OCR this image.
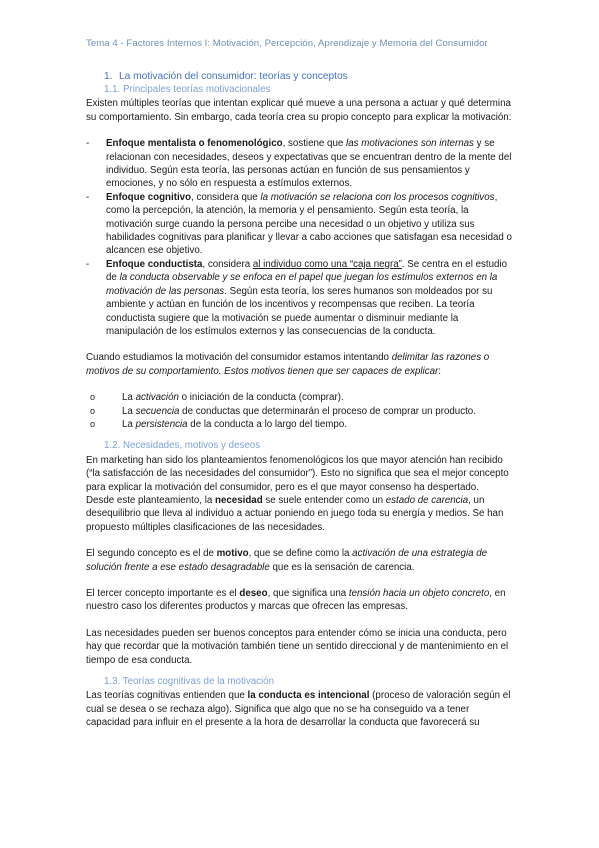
Tema 4 - Factores Internos I: Motivación, Percepción, Aprendizaje y Memoria del Consumidor
1. La motivación del consumidor: teorías y conceptos
1.1. Principales teorías motivacionales

Existen múltiples teorías que intentan explicar qué mueve a una persona a actuar y qué determina su comportamiento. Sin embargo, cada teoría crea su propio concepto para explicar la motivación:

- Enfoque mentalista o fenomenológico, sostiene que las motivaciones son internas y se relacionan con necesidades, deseos y expectativas que se encuentran dentro de la mente del individuo. Según esta teoría, las personas actúan en función de sus pensamientos y emociones, y no sólo en respuesta a estímulos externos.
- Enfoque cognitivo, considera que la motivación se relaciona con los procesos cognitivos, como la percepción, la atención, la memoria y el pensamiento. Según esta teoría, la motivación surge cuando la persona percibe una necesidad o un objetivo y utiliza sus habilidades cognitivas para planificar y llevar a cabo acciones que satisfagan esa necesidad o alcancen ese objetivo.
- Enfoque conductista, considera al individuo como una “caja negra”. Se centra en el estudio de la conducta observable y se enfoca en el papel que juegan los estímulos externos en la motivación de las personas. Según esta teoría, los seres humanos son moldeados por su ambiente y actúan en función de los incentivos y recompensas que reciben. La teoría conductista sugiere que la motivación se puede aumentar o disminuir mediante la manipulación de los estímulos externos y las consecuencias de la conducta.

Cuando estudiamos la motivación del consumidor estamos intentando delimitar las razones o motivos de su comportamiento. Estos motivos tienen que ser capaces de explicar:

o	La activación o iniciación de la conducta (comprar).
o	La secuencia de conductas que determinarán el proceso de comprar un producto.
o	La persistencia de la conducta a lo largo del tiempo.
1.2. Necesidades, motivos y deseos

En marketing han sido los planteamientos fenomenológicos los que mayor atención han recibido (“la satisfacción de las necesidades del consumidor”). Esto no significa que sea el mejor concepto para explicar la motivación del consumidor, pero es el que mayor consenso ha despertado.

Desde este planteamiento, la necesidad se suele entender como un estado de carencia, un desequilibrio que lleva al individuo a actuar poniendo en juego toda su energía y medios. Se han propuesto múltiples clasificaciones de las necesidades.

El segundo concepto es el de motivo, que se define como la activación de una estrategia de solución frente a ese estado desagradable que es la sensación de carencia.

El tercer concepto importante es el deseo, que significa una tensión hacia un objeto concreto, en nuestro caso los diferentes productos y marcas que ofrecen las empresas.

Las necesidades pueden ser buenos conceptos para entender cómo se inicia una conducta, pero hay que recordar que la motivación también tiene un sentido direccional y de mantenimiento en el tiempo de esa conducta.

1.3. Teorías cognitivas de la motivación

Las teorías cognitivas entienden que la conducta es intencional (proceso de valoración según el cual se desea o se rechaza algo). Significa que algo que no se ha conseguido va a tener capacidad para influir en el presente a la hora de desarrollar la conducta que favorecerá su
